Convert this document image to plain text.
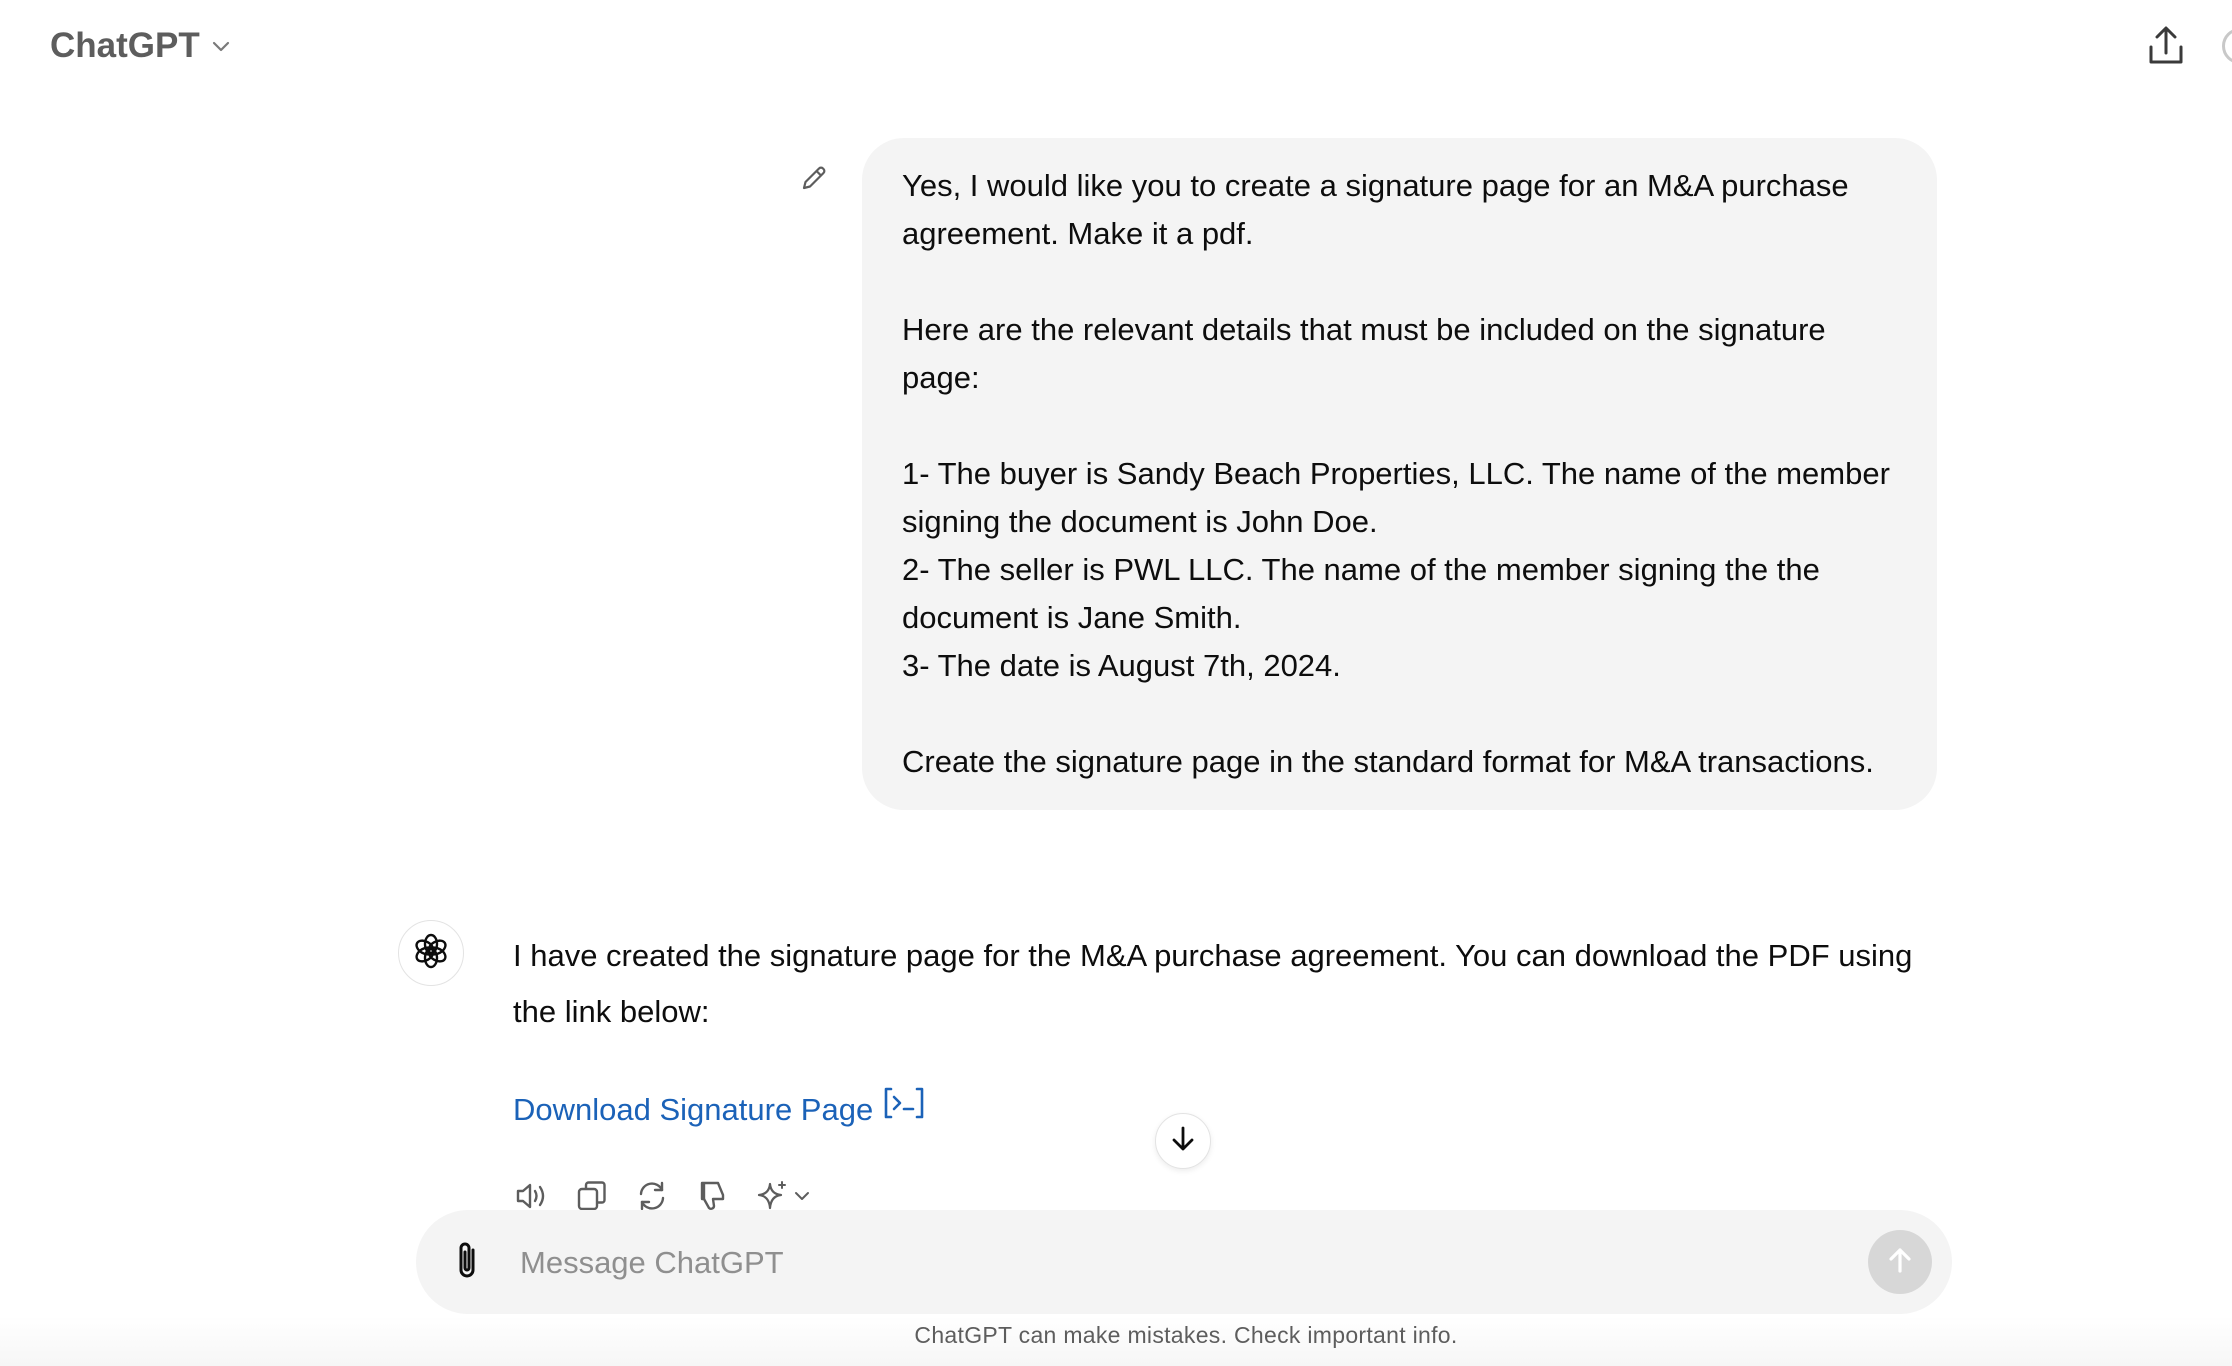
ChatGPT

Yes, I would like you to create a signature page for an M&A purchase agreement. Make it a pdf.

Here are the relevant details that must be included on the signature page:

1- The buyer is Sandy Beach Properties, LLC. The name of the member signing the document is John Doe.

2- The seller is PWL LLC. The name of the member signing the the document is Jane Smith.

3- The date is August 7th, 2024.

Create the signature page in the standard format for M&A transactions.

I have created the signature page for the M&A purchase agreement. You can download the PDF using the link below:

Download Signature Page
Message ChatGPT
ChatGPT can make mistakes. Check important info.
